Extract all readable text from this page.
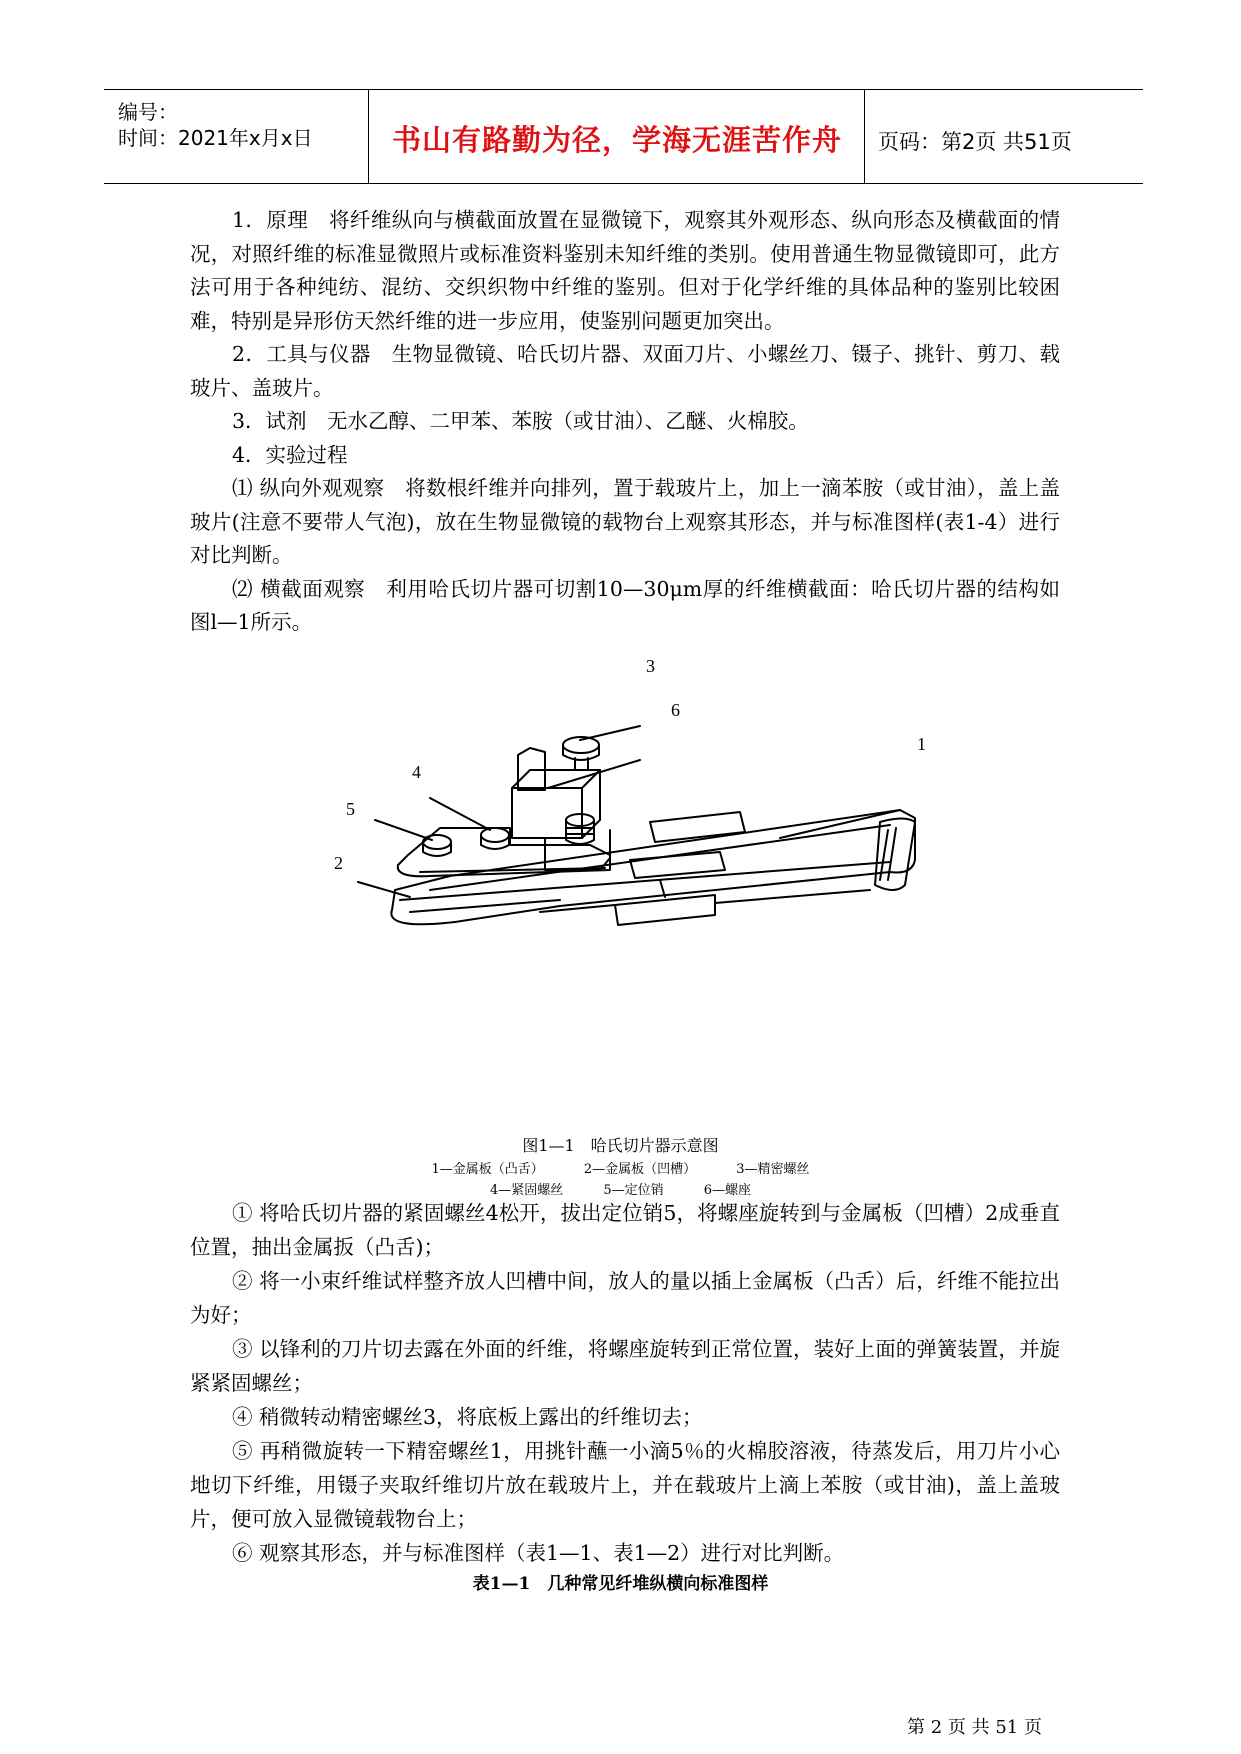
编号：
时间：2021年x月x日	书山有路勤为径，学海无涯苦作舟	页码：第2页 共51页

1．原理　将纤维纵向与横截面放置在显微镜下，观察其外观形态、纵向形态及横截面的情况，对照纤维的标准显微照片或标准资料鉴别未知纤维的类别。使用普通生物显微镜即可，此方法可用于各种纯纺、混纺、交织织物中纤维的鉴别。但对于化学纤维的具体品种的鉴别比较困难，特别是异形仿天然纤维的进一步应用，使鉴别问题更加突出。

2．工具与仪器　生物显微镜、哈氏切片器、双面刀片、小螺丝刀、镊子、挑针、剪刀、载玻片、盖玻片。

3．试剂　无水乙醇、二甲苯、苯胺（或甘油）、乙醚、火棉胶。

4．实验过程

⑴ 纵向外观观察　将数根纤维并向排列，置于载玻片上，加上一滴苯胺（或甘油），盖上盖玻片(注意不要带人气泡)，放在生物显微镜的载物台上观察其形态，并与标准图样(表1-4）进行对比判断。

⑵ 横截面观察　利用哈氏切片器可切割10—30μm厚的纤维横截面：哈氏切片器的结构如图l—1所示。

3
6
1
4
5
2
图1—1　哈氏切片器示意图
1—金属板（凸舌）	2—金属板（凹槽）	3—精密螺丝
4—紧固螺丝	5—定位销	6—螺座

① 将哈氏切片器的紧固螺丝4松开，拔出定位销5，将螺座旋转到与金属板（凹槽）2成垂直位置，抽出金属扳（凸舌)；

② 将一小束纤维试样整齐放人凹槽中间，放人的量以插上金属板（凸舌）后，纤维不能拉出为好；

③ 以锋利的刀片切去露在外面的纤维，将螺座旋转到正常位置，装好上面的弹簧装置，并旋紧紧固螺丝；

④ 稍微转动精密螺丝3，将底板上露出的纤维切去；

⑤ 再稍微旋转一下精窑螺丝1，用挑针蘸一小滴5％的火棉胶溶液，待蒸发后，用刀片小心地切下纤维，用镊子夹取纤维切片放在载玻片上，并在载玻片上滴上苯胺（或甘油)，盖上盖玻片，便可放入显微镜载物台上；

⑥ 观察其形态，并与标准图样（表1—1、表1—2）进行对比判断。

表1—1　几种常见纤堆纵横向标准图样
第 2 页 共 51 页
